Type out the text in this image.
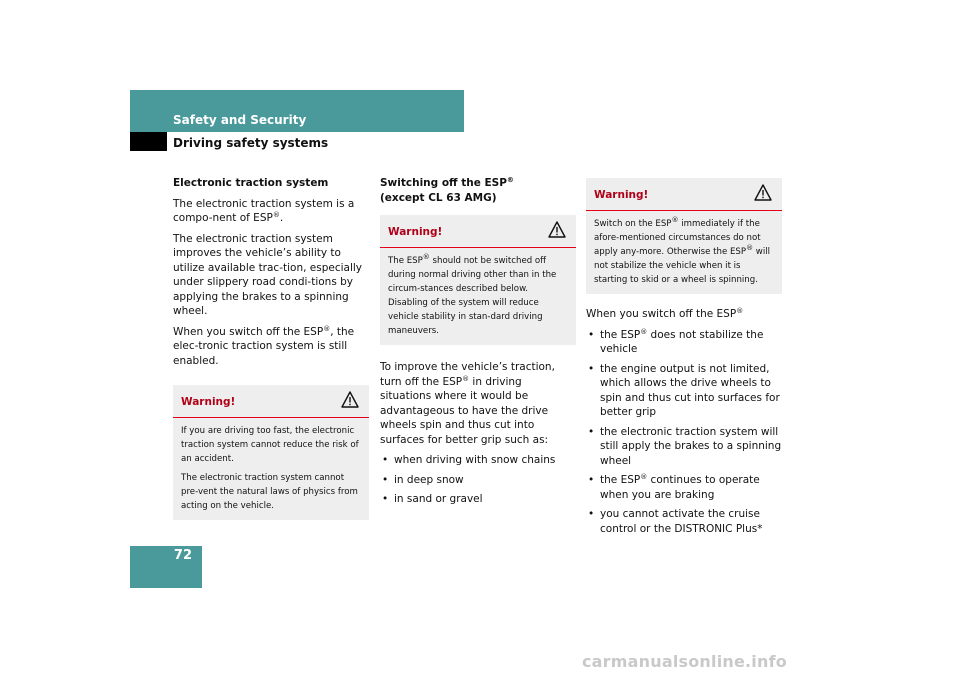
Safety and Security
Driving safety systems
72

Electronic traction system

The electronic traction system is a compo-nent of ESP®.

The electronic traction system improves the vehicle’s ability to utilize available trac-tion, especially under slippery road condi-tions by applying the brakes to a spinning wheel.

When you switch off the ESP®, the elec-tronic traction system is still enabled.

Warning!

If you are driving too fast, the electronic traction system cannot reduce the risk of an accident.

The electronic traction system cannot pre-vent the natural laws of physics from acting on the vehicle.

Switching off the ESP®

(except CL 63 AMG)

Warning!

The ESP® should not be switched off during normal driving other than in the circum-stances described below. Disabling of the system will reduce vehicle stability in stan-dard driving maneuvers.

To improve the vehicle’s traction, turn off the ESP® in driving situations where it would be advantageous to have the drive wheels spin and thus cut into surfaces for better grip such as:

• when driving with snow chains
• in deep snow
• in sand or gravel
Warning!

Switch on the ESP® immediately if the afore-mentioned circumstances do not apply any-more. Otherwise the ESP® will not stabilize the vehicle when it is starting to skid or a wheel is spinning.

When you switch off the ESP®

• the ESP® does not stabilize the vehicle
• the engine output is not limited, which allows the drive wheels to spin and thus cut into surfaces for better grip
• the electronic traction system will still apply the brakes to a spinning wheel
• the ESP® continues to operate when you are braking
• you cannot activate the cruise control or the DISTRONIC Plus*
carmanualsonline.info
